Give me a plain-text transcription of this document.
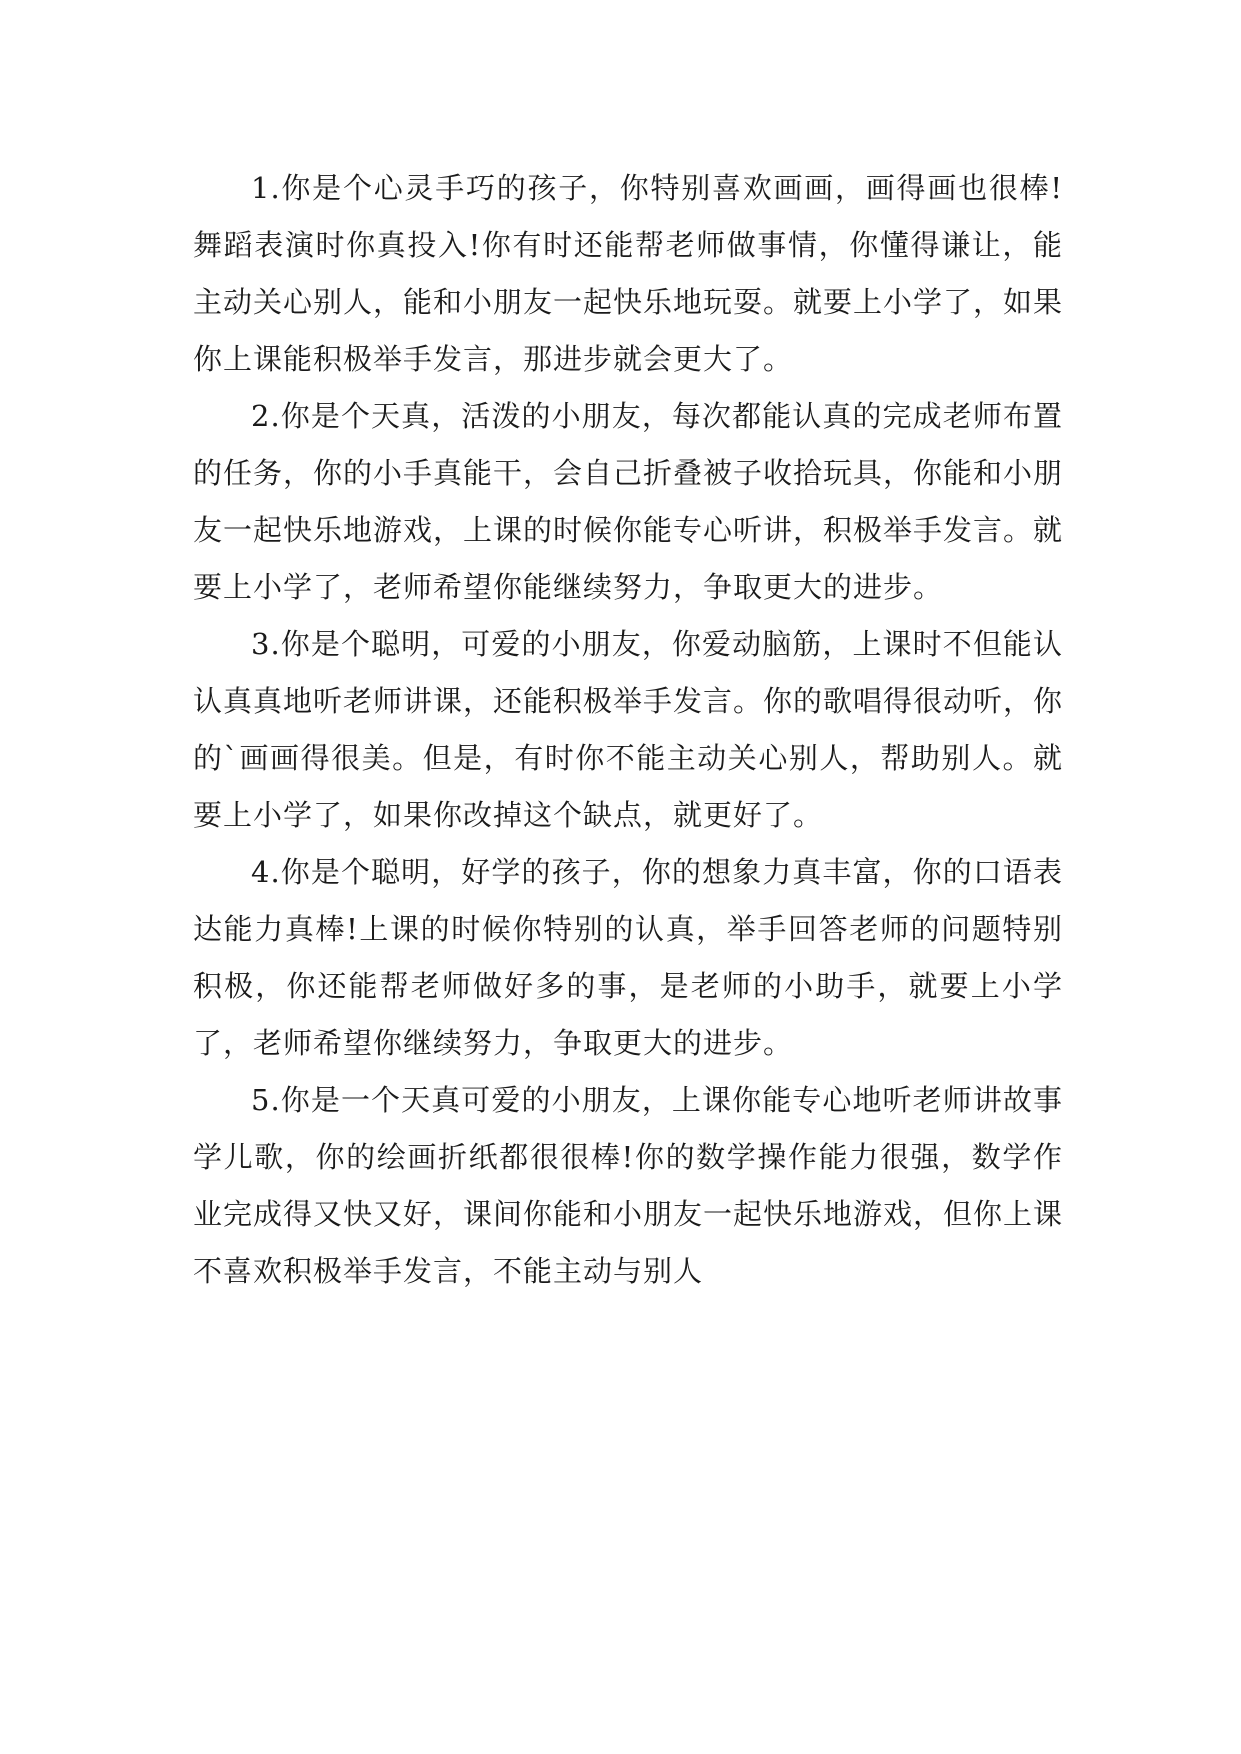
1.你是个心灵手巧的孩子，你特别喜欢画画，画得画也很棒!舞蹈表演时你真投入!你有时还能帮老师做事情，你懂得谦让，能主动关心别人，能和小朋友一起快乐地玩耍。就要上小学了，如果你上课能积极举手发言，那进步就会更大了。

2.你是个天真，活泼的小朋友，每次都能认真的完成老师布置的任务，你的小手真能干，会自己折叠被子收拾玩具，你能和小朋友一起快乐地游戏，上课的时候你能专心听讲，积极举手发言。就要上小学了，老师希望你能继续努力，争取更大的进步。

3.你是个聪明，可爱的小朋友，你爱动脑筋，上课时不但能认认真真地听老师讲课，还能积极举手发言。你的歌唱得很动听，你的`画画得很美。但是，有时你不能主动关心别人，帮助别人。就要上小学了，如果你改掉这个缺点，就更好了。

4.你是个聪明，好学的孩子，你的想象力真丰富，你的口语表达能力真棒!上课的时候你特别的认真，举手回答老师的问题特别积极，你还能帮老师做好多的事，是老师的小助手，就要上小学了，老师希望你继续努力，争取更大的进步。

5.你是一个天真可爱的小朋友，上课你能专心地听老师讲故事学儿歌，你的绘画折纸都很很棒!你的数学操作能力很强，数学作业完成得又快又好，课间你能和小朋友一起快乐地游戏，但你上课不喜欢积极举手发言，不能主动与别人
